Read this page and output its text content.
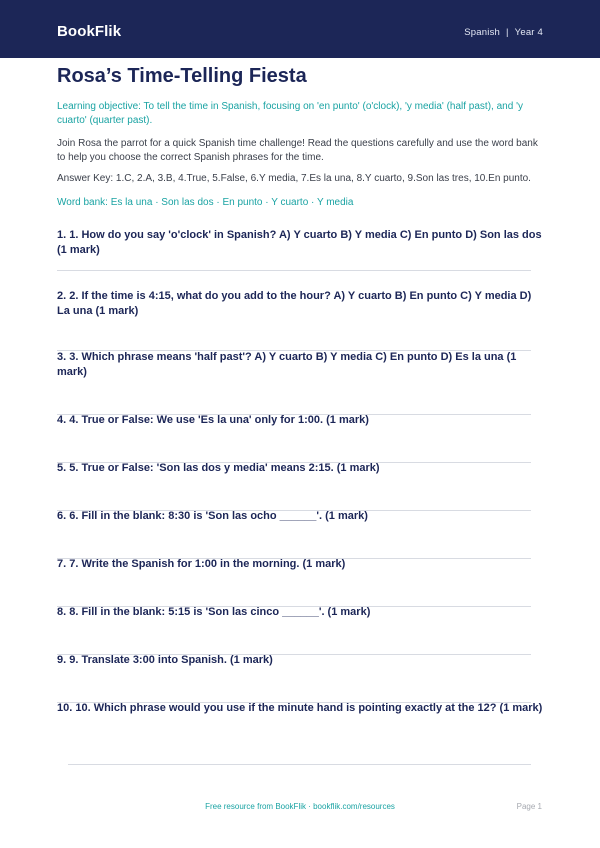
BookFlik	Spanish | Year 4
Rosa’s Time-Telling Fiesta

Learning objective: To tell the time in Spanish, focusing on 'en punto' (o'clock), 'y media' (half past), and 'y cuarto' (quarter past).

Join Rosa the parrot for a quick Spanish time challenge! Read the questions carefully and use the word bank to help you choose the correct Spanish phrases for the time.

Answer Key: 1.C, 2.A, 3.B, 4.True, 5.False, 6.Y media, 7.Es la una, 8.Y cuarto, 9.Son las tres, 10.En punto.

Word bank: Es la una · Son las dos · En punto · Y cuarto · Y media

1. 1. How do you say 'o'clock' in Spanish? A) Y cuarto B) Y media C) En punto D) Son las dos (1 mark)

2. 2. If the time is 4:15, what do you add to the hour? A) Y cuarto B) En punto C) Y media D) La una (1 mark)

3. 3. Which phrase means 'half past'? A) Y cuarto B) Y media C) En punto D) Es la una (1 mark)

4. 4. True or False: We use 'Es la una' only for 1:00. (1 mark)

5. 5. True or False: 'Son las dos y media' means 2:15. (1 mark)

6. 6. Fill in the blank: 8:30 is 'Son las ocho ______'. (1 mark)

7. 7. Write the Spanish for 1:00 in the morning. (1 mark)

8. 8. Fill in the blank: 5:15 is 'Son las cinco ______'. (1 mark)

9. 9. Translate 3:00 into Spanish. (1 mark)

10. 10. Which phrase would you use if the minute hand is pointing exactly at the 12? (1 mark)

Free resource from BookFlik · bookflik.com/resources	Page 1
